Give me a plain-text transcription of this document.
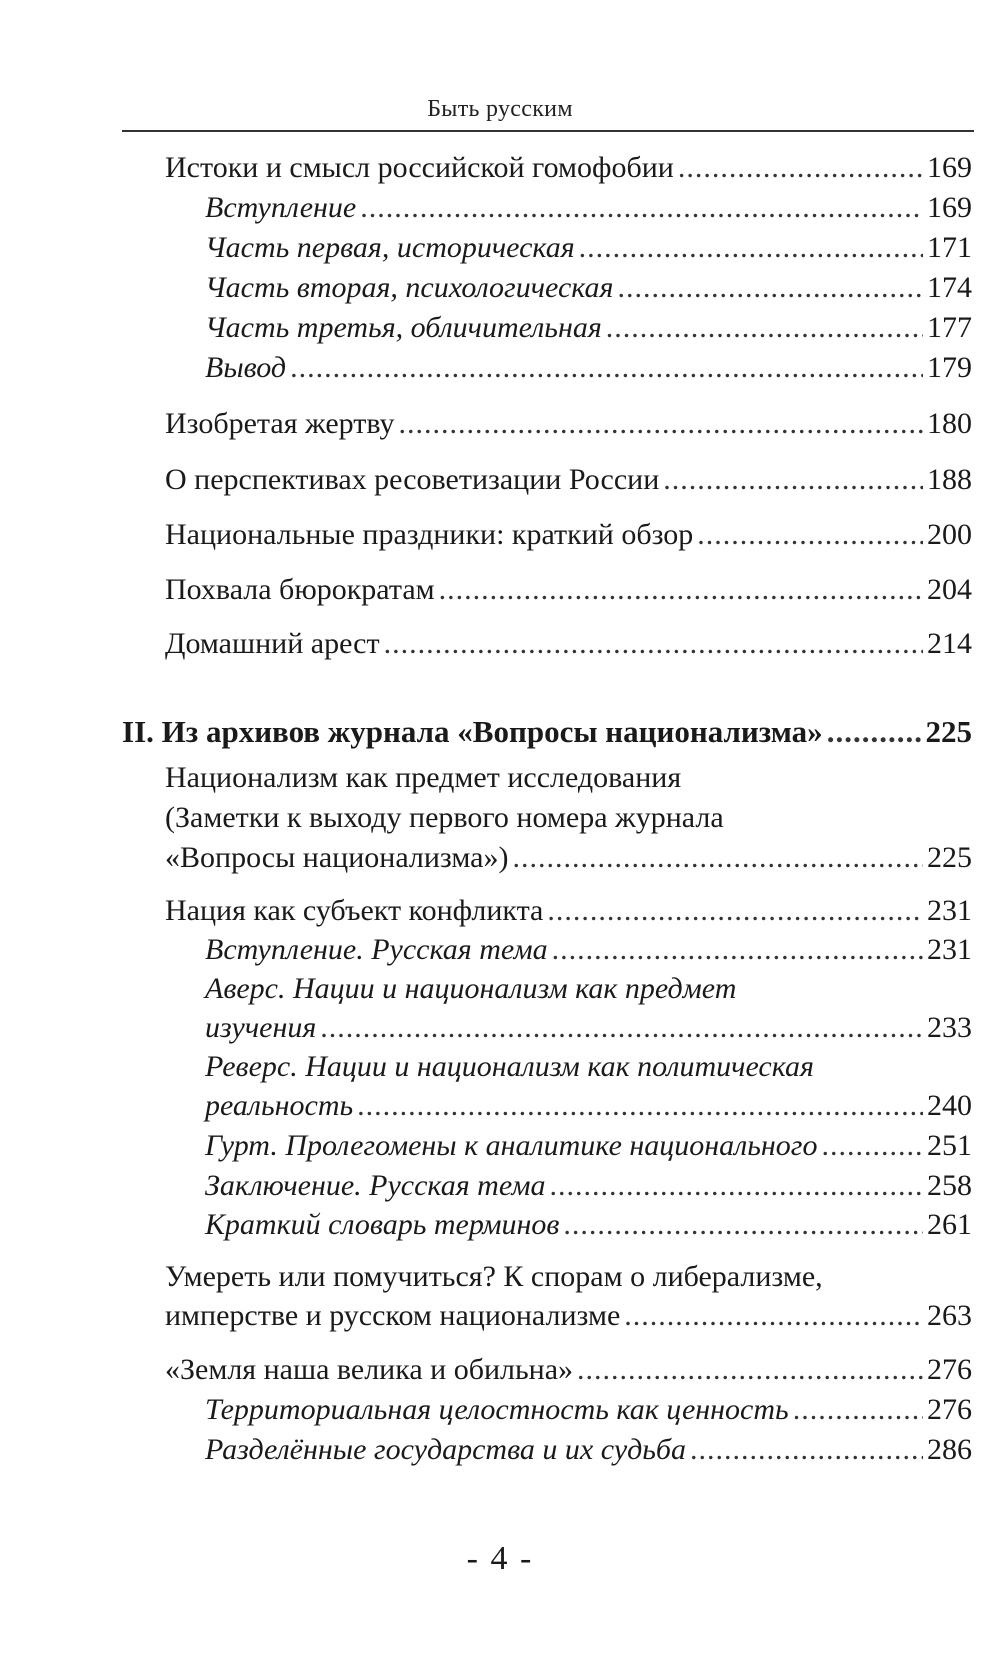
Быть русским
Истоки и смысл российской гомофобии .....	169
Вступление .....	169
Часть первая, историческая .....	171
Часть вторая, психологическая .....	174
Часть третья, обличительная .....	177
Вывод .....	179
Изобретая жертву .....	180
О перспективах ресоветизации России .....	188
Национальные праздники: краткий обзор .....	200
Похвала бюрократам .....	204
Домашний арест .....	214
II. Из архивов журнала «Вопросы национализма» .....	225
Национализм как предмет исследования
(Заметки к выходу первого номера журнала
«Вопросы национализма») .....	225
Нация как субъект конфликта .....	231
Вступление. Русская тема .....	231
Аверс. Нации и национализм как предмет
изучения .....	233
Реверс. Нации и национализм как политическая
реальность .....	240
Гурт. Пролегомены к аналитике национального .....	251
Заключение. Русская тема .....	258
Краткий словарь терминов .....	261
Умереть или помучиться? К спорам о либерализме,
имперстве и русском национализме .....	263
«Земля наша велика и обильна» .....	276
Территориальная целостность как ценность .....	276
Разделённые государства и их судьба .....	286
- 4 -
